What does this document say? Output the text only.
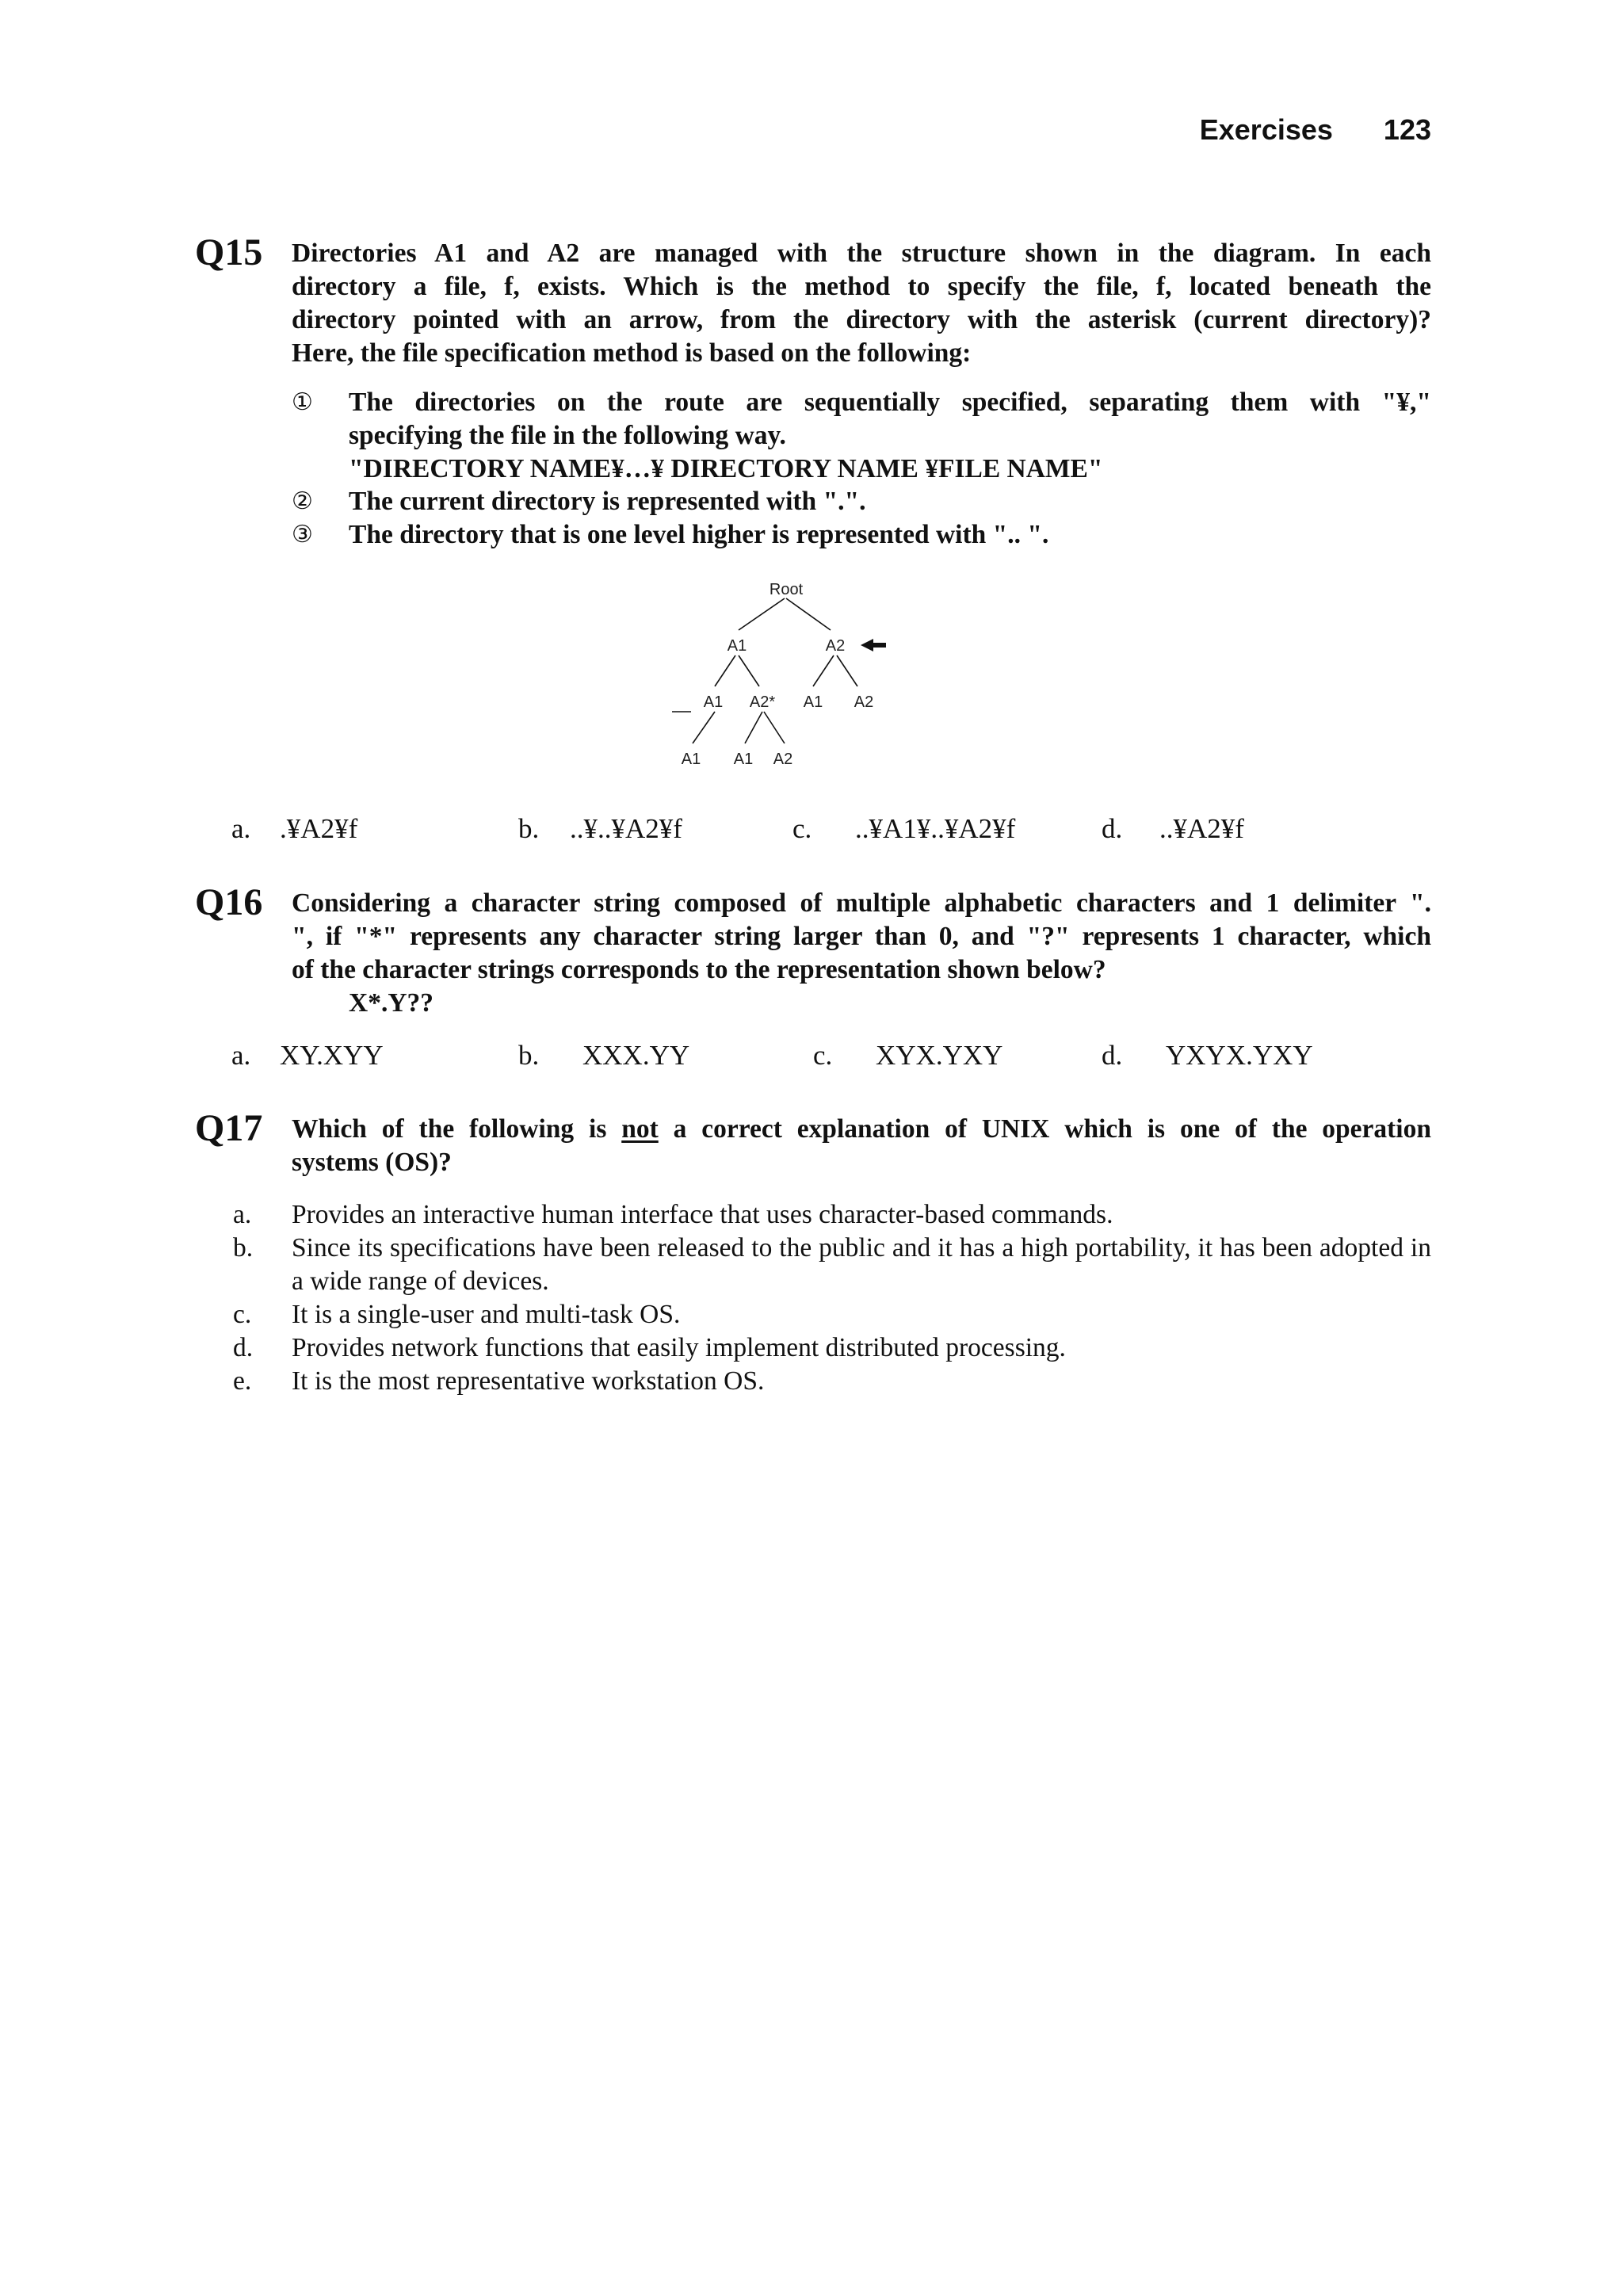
Exercises 123
Q15 Directories A1 and A2 are managed with the structure shown in the diagram. In each
directory a file, f, exists. Which is the method to specify the file, f, located beneath the
directory pointed with an arrow, from the directory with the asterisk (current directory)?
Here, the file specification method is based on the following:
① The directories on the route are sequentially specified, separating them with "¥,"
specifying the file in the following way.
"DIRECTORY NAME¥…¥ DIRECTORY NAME ¥FILE NAME"
② The current directory is represented with ".".
③ The directory that is one level higher is represented with ".. ".
Root
A1	A2
A1 A2* A1 A2
A1 A1 A2
a. .¥A2¥f	b. ..¥..¥A2¥f	c. ..¥A1¥..¥A2¥f	d. ..¥A2¥f
Q16 Considering a character string composed of multiple alphabetic characters and 1 delimiter ".
", if "*" represents any character string larger than 0, and "?" represents 1 character, which
of the character strings corresponds to the representation shown below?
X*.Y??
a. XY.XYY	b. XXX.YY	c. XYX.YXY	d. YXYX.YXY
Q17 Which of the following is not a correct explanation of UNIX which is one of the operation
systems (OS)?
a. Provides an interactive human interface that uses character-based commands.
b. Since its specifications have been released to the public and it has a high portability, it has been adopted in a wide range of devices.
c. It is a single-user and multi-task OS.
d. Provides network functions that easily implement distributed processing.
e. It is the most representative workstation OS.
